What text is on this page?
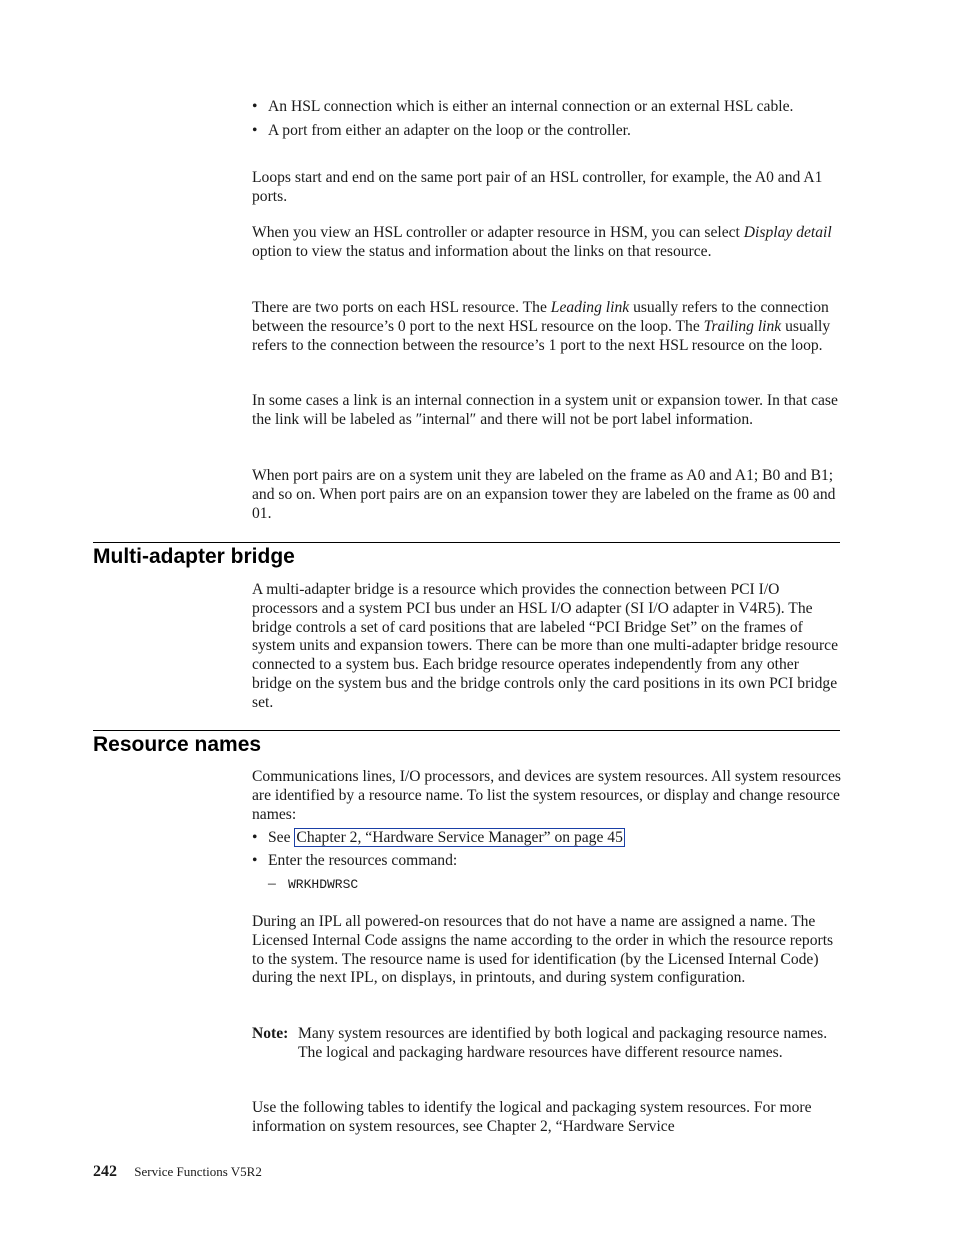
• An HSL connection which is either an internal connection or an external HSL cable.
• A port from either an adapter on the loop or the controller.

Loops start and end on the same port pair of an HSL controller, for example, the A0 and A1 ports.

When you view an HSL controller or adapter resource in HSM, you can select Display detail option to view the status and information about the links on that resource.

There are two ports on each HSL resource. The Leading link usually refers to the connection between the resource’s 0 port to the next HSL resource on the loop. The Trailing link usually refers to the connection between the resource’s 1 port to the next HSL resource on the loop.

In some cases a link is an internal connection in a system unit or expansion tower. In that case the link will be labeled as ″internal″ and there will not be port label information.

When port pairs are on a system unit they are labeled on the frame as A0 and A1; B0 and B1; and so on. When port pairs are on an expansion tower they are labeled on the frame as 00 and 01.

Multi-adapter bridge

A multi-adapter bridge is a resource which provides the connection between PCI I/O processors and a system PCI bus under an HSL I/O adapter (SI I/O adapter in V4R5). The bridge controls a set of card positions that are labeled “PCI Bridge Set” on the frames of system units and expansion towers. There can be more than one multi-adapter bridge resource connected to a system bus. Each bridge resource operates independently from any other bridge on the system bus and the bridge controls only the card positions in its own PCI bridge set.

Resource names

Communications lines, I/O processors, and devices are system resources. All system resources are identified by a resource name. To list the system resources, or display and change resource names:

• See Chapter 2, “Hardware Service Manager” on page 45
• Enter the resources command:
– WRKHDWRSC

During an IPL all powered-on resources that do not have a name are assigned a name. The Licensed Internal Code assigns the name according to the order in which the resource reports to the system. The resource name is used for identification (by the Licensed Internal Code) during the next IPL, on displays, in printouts, and during system configuration.

Note: Many system resources are identified by both logical and packaging resource names. The logical and packaging hardware resources have different resource names.

Use the following tables to identify the logical and packaging system resources. For more information on system resources, see Chapter 2, “Hardware Service

242 Service Functions V5R2
